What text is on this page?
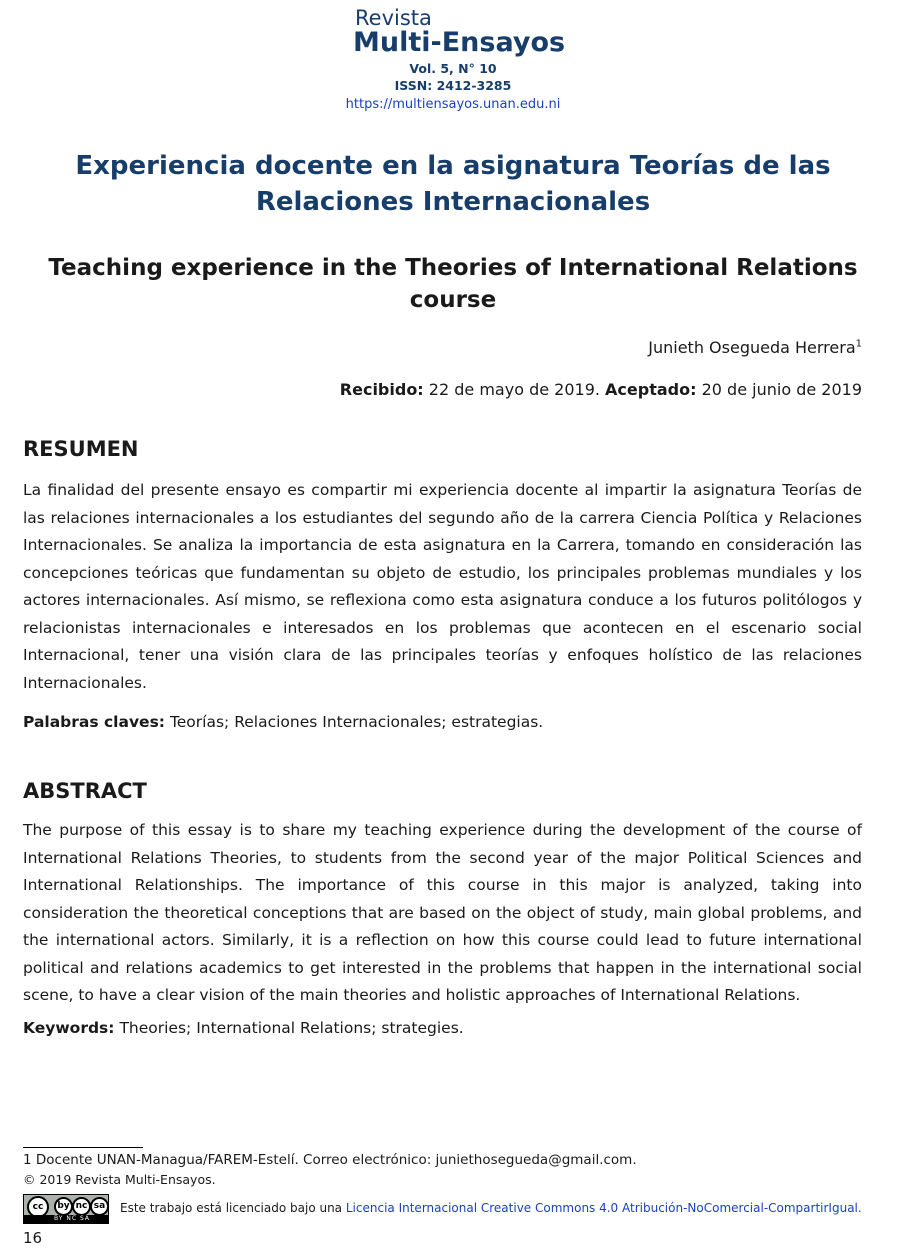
Revista
Multi-Ensayos
Vol. 5, N° 10
ISSN: 2412-3285
https://multiensayos.unan.edu.ni
Experiencia docente en la asignatura Teorías de las Relaciones Internacionales
Teaching experience in the Theories of International Relations course
Junieth Osegueda Herrera$^1$
Recibido: 22 de mayo de 2019. Aceptado: 20 de junio de 2019
RESUMEN
La finalidad del presente ensayo es compartir mi experiencia docente al impartir la asignatura Teorías de las relaciones internacionales a los estudiantes del segundo año de la carrera Ciencia Política y Relaciones Internacionales. Se analiza la importancia de esta asignatura en la Carrera, tomando en consideración las concepciones teóricas que fundamentan su objeto de estudio, los principales problemas mundiales y los actores internacionales. Así mismo, se reflexiona como esta asignatura conduce a los futuros politólogos y relacionistas internacionales e interesados en los problemas que acontecen en el escenario social Internacional, tener una visión clara de las principales teorías y enfoques holístico de las relaciones Internacionales.
Palabras claves: Teorías; Relaciones Internacionales; estrategias.
ABSTRACT
The purpose of this essay is to share my teaching experience during the development of the course of International Relations Theories, to students from the second year of the major Political Sciences and International Relationships. The importance of this course in this major is analyzed, taking into consideration the theoretical conceptions that are based on the object of study, main global problems, and the international actors. Similarly, it is a reflection on how this course could lead to future international political and relations academics to get interested in the problems that happen in the international social scene, to have a clear vision of the main theories and holistic approaches of International Relations.
Keywords: Theories; International Relations; strategies.
1 Docente UNAN-Managua/FAREM-Estelí. Correo electrónico: juniethosegueda@gmail.com.
© 2019 Revista Multi-Ensayos.
cc	by nc sa
BY NC SA
Este trabajo está licenciado bajo una Licencia Internacional Creative Commons 4.0 Atribución-NoComercial-CompartirIgual.
16
